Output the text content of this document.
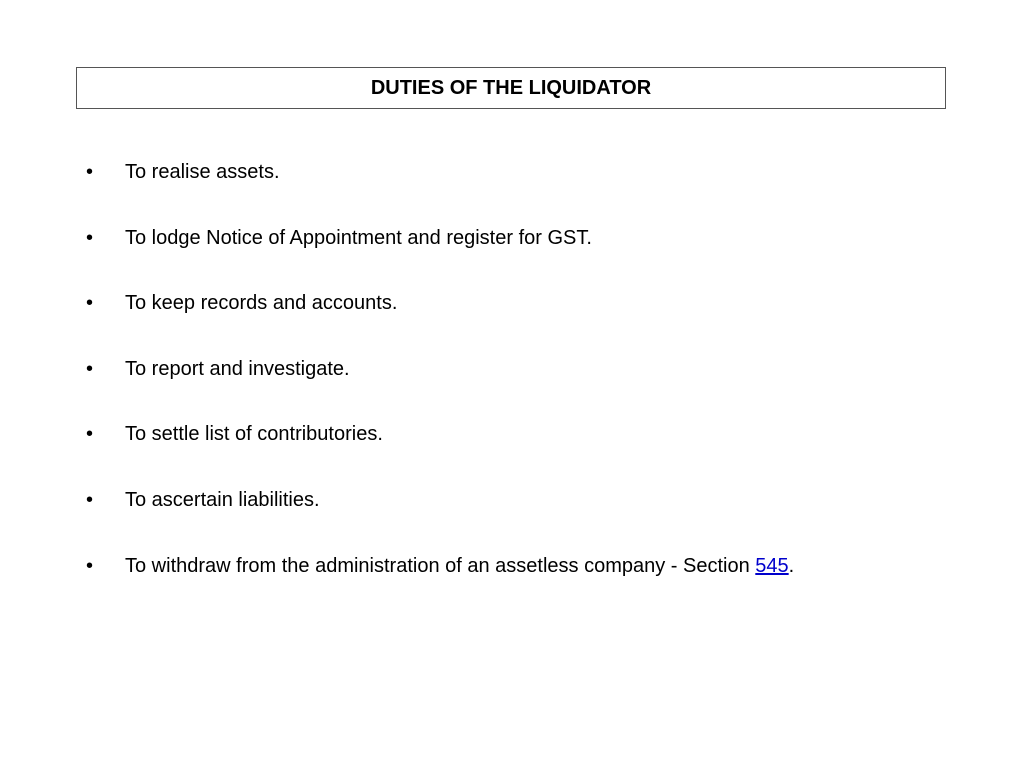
DUTIES OF THE LIQUIDATOR
•	To realise assets.
•	To lodge Notice of Appointment and register for GST.
•	To keep records and accounts.
•	To report and investigate.
•	To settle list of contributories.
•	To ascertain liabilities.
•	To withdraw from the administration of an assetless company - Section 545.
